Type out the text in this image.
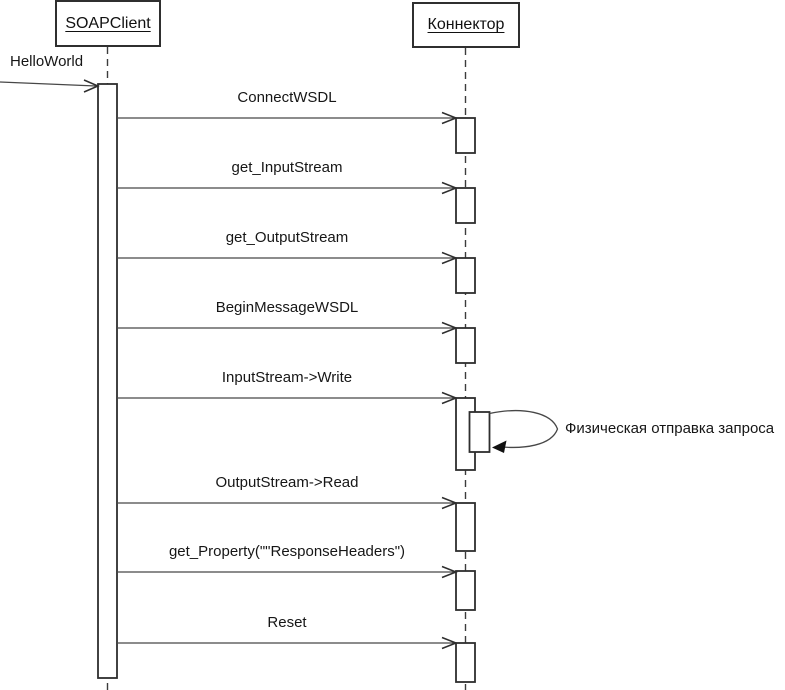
SOAPClient	Коннектор
HelloWorld
ConnectWSDL
get_InputStream
get_OutputStream
BeginMessageWSDL
InputStream->Write
OutputStream->Read
get_Property(""ResponseHeaders")
Reset
Физическая отправка запроса
